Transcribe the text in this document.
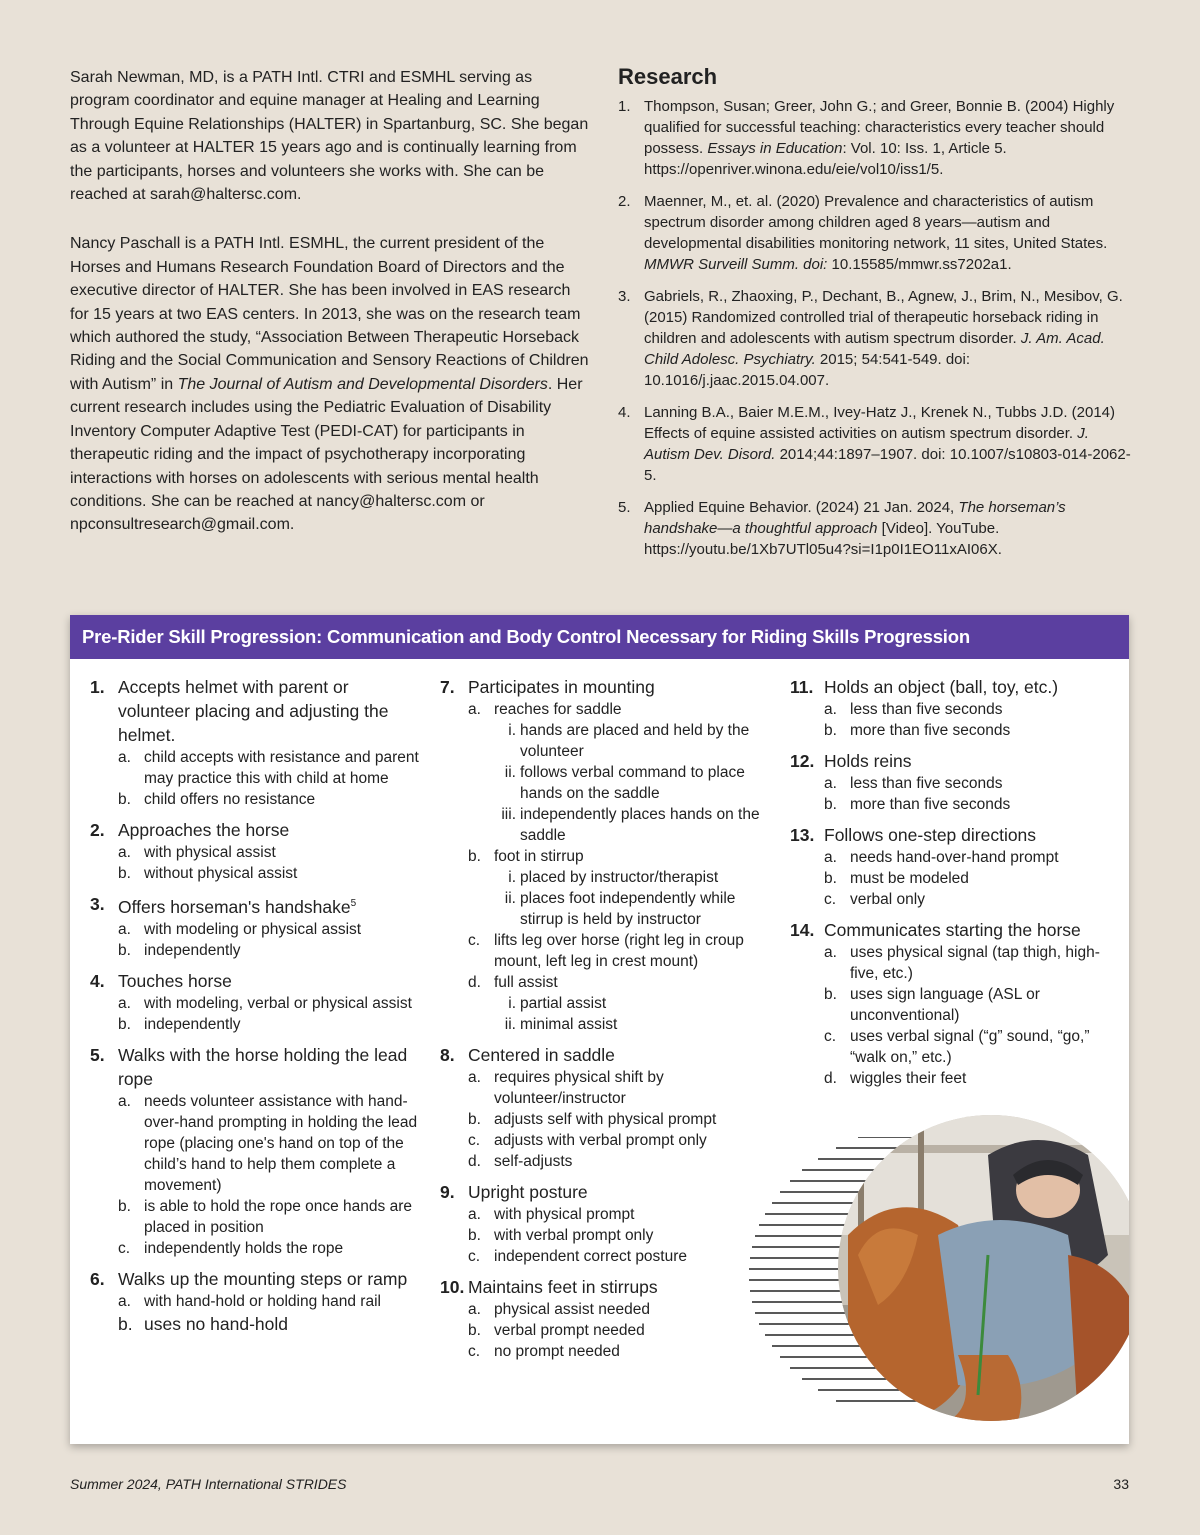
Sarah Newman, MD, is a PATH Intl. CTRI and ESMHL serving as program coordinator and equine manager at Healing and Learning Through Equine Relationships (HALTER) in Spartanburg, SC. She began as a volunteer at HALTER 15 years ago and is continually learning from the participants, horses and volunteers she works with. She can be reached at sarah@haltersc.com.

Nancy Paschall is a PATH Intl. ESMHL, the current president of the Horses and Humans Research Foundation Board of Directors and the executive director of HALTER. She has been involved in EAS research for 15 years at two EAS centers. In 2013, she was on the research team which authored the study, “Association Between Therapeutic Horseback Riding and the Social Communication and Sensory Reactions of Children with Autism” in The Journal of Autism and Developmental Disorders. Her current research includes using the Pediatric Evaluation of Disability Inventory Computer Adaptive Test (PEDI-CAT) for participants in therapeutic riding and the impact of psychotherapy incorporating interactions with horses on adolescents with serious mental health conditions. She can be reached at nancy@haltersc.com or npconsultresearch@gmail.com.

Research
1. Thompson, Susan; Greer, John G.; and Greer, Bonnie B. (2004) Highly qualified for successful teaching: characteristics every teacher should possess. Essays in Education: Vol. 10: Iss. 1, Article 5. https://openriver.winona.edu/eie/vol10/iss1/5.
2. Maenner, M., et. al. (2020) Prevalence and characteristics of autism spectrum disorder among children aged 8 years—autism and developmental disabilities monitoring network, 11 sites, United States. MMWR Surveill Summ. doi: 10.15585/mmwr.ss7202a1.
3. Gabriels, R., Zhaoxing, P., Dechant, B., Agnew, J., Brim, N., Mesibov, G. (2015) Randomized controlled trial of therapeutic horseback riding in children and adolescents with autism spectrum disorder. J. Am. Acad. Child Adolesc. Psychiatry. 2015; 54:541-549. doi: 10.1016/j.jaac.2015.04.007.
4. Lanning B.A., Baier M.E.M., Ivey-Hatz J., Krenek N., Tubbs J.D. (2014) Effects of equine assisted activities on autism spectrum disorder. J. Autism Dev. Disord. 2014;44:1897–1907. doi: 10.1007/s10803-014-2062-5.
5. Applied Equine Behavior. (2024) 21 Jan. 2024, The horseman’s handshake—a thoughtful approach [Video]. YouTube. https://youtu.be/1Xb7UTl05u4?si=I1p0I1EO11xAI06X.
Pre-Rider Skill Progression: Communication and Body Control Necessary for Riding Skills Progression
1. Accepts helmet with parent or volunteer placing and adjusting the helmet.
a. child accepts with resistance and parent may practice this with child at home
b. child offers no resistance
2. Approaches the horse
a. with physical assist
b. without physical assist
3. Offers horseman's handshake$^5$
a. with modeling or physical assist
b. independently
4. Touches horse
a. with modeling, verbal or physical assist
b. independently
5. Walks with the horse holding the lead rope
a. needs volunteer assistance with hand-over-hand prompting in holding the lead rope (placing one's hand on top of the child’s hand to help them complete a movement)
b. is able to hold the rope once hands are placed in position
c. independently holds the rope
6. Walks up the mounting steps or ramp
a. with hand-hold or holding hand rail
b. uses no hand-hold
7. Participates in mounting
a. reaches for saddle
i. hands are placed and held by the volunteer
ii. follows verbal command to place hands on the saddle
iii. independently places hands on the saddle
b. foot in stirrup
i. placed by instructor/therapist
ii. places foot independently while stirrup is held by instructor
c. lifts leg over horse (right leg in croup mount, left leg in crest mount)
d. full assist
i. partial assist
ii. minimal assist
8. Centered in saddle
a. requires physical shift by volunteer/instructor
b. adjusts self with physical prompt
c. adjusts with verbal prompt only
d. self-adjusts
9. Upright posture
a. with physical prompt
b. with verbal prompt only
c. independent correct posture
10. Maintains feet in stirrups
a. physical assist needed
b. verbal prompt needed
c. no prompt needed
11. Holds an object (ball, toy, etc.)
a. less than five seconds
b. more than five seconds
12. Holds reins
a. less than five seconds
b. more than five seconds
13. Follows one-step directions
a. needs hand-over-hand prompt
b. must be modeled
c. verbal only
14. Communicates starting the horse
a. uses physical signal (tap thigh, high-five, etc.)
b. uses sign language (ASL or unconventional)
c. uses verbal signal (“g” sound, “go,” “walk on,” etc.)
d. wiggles their feet
Summer 2024, PATH International STRIDES	33
